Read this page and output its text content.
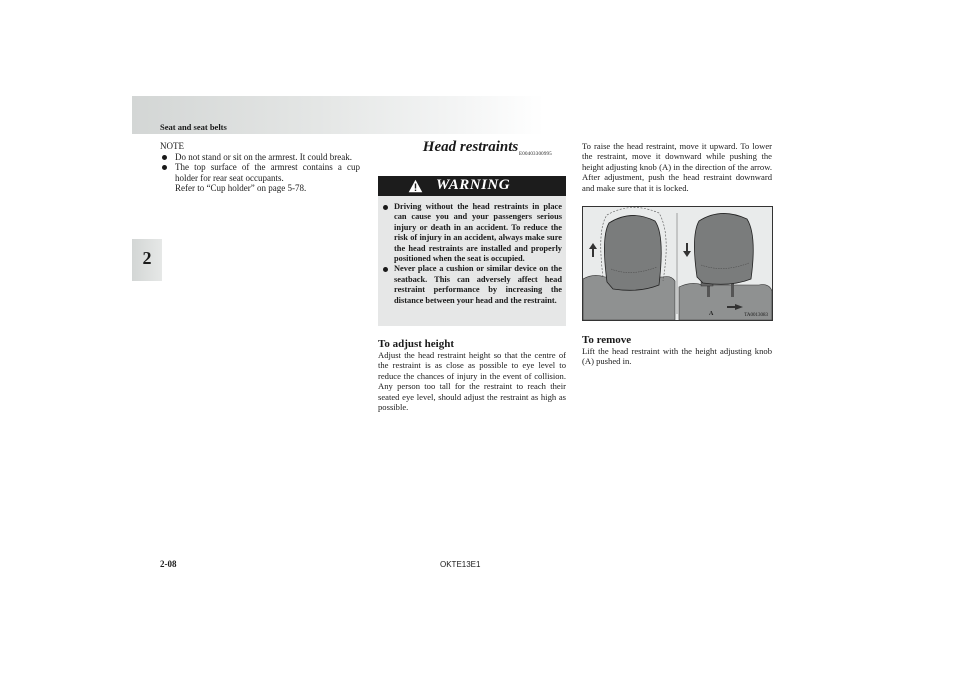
Seat and seat belts
2
NOTE
Do not stand or sit on the armrest. It could break.
The top surface of the armrest contains a cup holder for rear seat occupants.
Refer to “Cup holder” on page 5-78.
Head restraints E00403300995
WARNING
Driving without the head restraints in place can cause you and your passengers serious injury or death in an accident. To reduce the risk of injury in an accident, always make sure the head restraints are installed and properly positioned when the seat is occupied.
Never place a cushion or similar device on the seatback. This can adversely affect head restraint performance by increasing the distance between your head and the restraint.
To adjust height
Adjust the head restraint height so that the centre of the restraint is as close as possible to eye level to reduce the chances of injury in the event of collision. Any person too tall for the restraint to reach their seated eye level, should adjust the restraint as high as possible.
To raise the head restraint, move it upward. To lower the restraint, move it downward while pushing the height adjusting knob (A) in the direction of the arrow. After adjustment, push the head restraint downward and make sure that it is locked.
A	TA0013083
To remove
Lift the head restraint with the height adjusting knob (A) pushed in.
2-08	OKTE13E1
